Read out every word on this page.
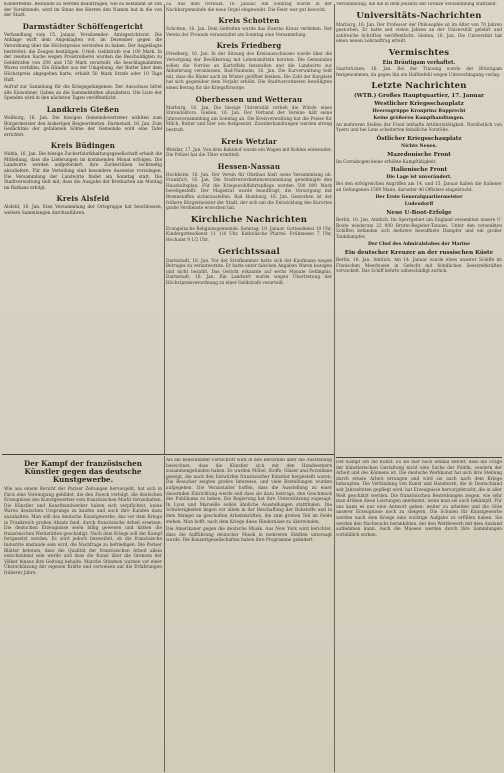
Kinderfestes. Bestande zu werden beauftragen, wie es bestimmt ist von der Vorsitzende, wird im Sinne des Herren den Namen hat in die von der Stadt.

Darmstädter Schöffengericht

Verhandlung vom 15. Januar, Vorsitzender: Amtsgerichtsrat. Die Anklage wirft dem Angeklagten vor, im Dezember gegen die Verordnung über die Höchstpreise verstoßen zu haben. Der Angeklagte bestreitet; die Zeugen bestätigen. Urteil: Geldstrafe von 100 Mark. In der zweiten Sache wegen Preistreiberei wurden die Beschuldigten zu Geldstrafen von 200 und 150 Mark verurteilt; die beschlagnahmten Waren verfallen. Ein Händler aus der Umgebung, der Butter über dem Höchstpreis abgegeben hatte, erhielt 50 Mark Strafe oder 10 Tage Haft.

Aufruf zur Sammlung für die Kriegsgefangenen. Der Ausschuss bittet alle Einwohner, Gaben an die Sammelstellen abzuliefern. Die Liste der Spenden wird in den nächsten Tagen veröffentlicht.

Landkreis Gießen

Weilburg, 16. Jan. Die hiesigen Gemeindevertreter wählten zum Bürgermeister den bisherigen Beigeordneten. Darmstadt, 16. Jan. Zum Gedächtnis der gefallenen Söhne der Gemeinde wird eine Tafel errichtet.

Kreis Büdingen

Nidda, 16. Jan. Die hiesige Zuckerfabrikhaltungsgesellschaft erhielt die Mitteilung, dass die Lieferungen im kommenden Monat erfolgen. Die Landwirte werden aufgefordert, ihre Zuckerrüben rechtzeitig abzuliefern. Für die Verteilung sind besondere Ausweise vorzulegen. Die Versammlung der Landwirte findet am Sonntag statt. Die Stadtverwaltung teilt mit, dass die Ausgabe der Brotkarten am Montag im Rathaus erfolgt.

Kreis Alsfeld

Alsfeld, 16. Jan. Eine Versammlung der Ortsgruppe hat beschlossen, weitere Sammlungen durchzuführen.

ca. Aus dem Ostwald, 16. Januar. Am Sonntag wurde in der Nachbargemeinde die neue Orgel eingeweiht. Die Feier war gut besucht.

Kreis Schotten

Schotten, 16. Jan. Dem Gefreiten wurde das Eiserne Kreuz verliehen. Der Verein der Freunde veranstaltet am Sonntag eine Versammlung.

Kreis Friedberg

Friedberg, 16. Jan. In der Sitzung des Kreisausschusses wurde über die Versorgung der Bevölkerung mit Lebensmitteln beraten. Die Gemeinden sollen die Vorräte an Kartoffeln feststellen und die Landwirte zur Ablieferung veranlassen. Bad-Nauheim, 16. Jan. Die Kurverwaltung teilt mit, dass die Bäder auch im Winter geöffnet bleiben. Die Zahl der Kurgäste hat sich gegenüber dem Vorjahr erhöht. Die Stadtverordneten bewilligten einen Betrag für die Kriegsfürsorge.

Oberhessen und Wetterau

Marburg, 16. Jan. Die hiesige Universität verlieh die Würde eines Ehrendoktors. Gießen, 16. Jan. Der Verband der Vereine hält seine Jahresversammlung am Sonntag ab. Die Kreisverwaltung hat die Preise für Milch, Butter und Eier neu festgesetzt. Zuwiderhandlungen werden streng bestraft.

Kreis Wetzlar

Wetzlar, 17. Jan. Von dem Bahnhof wurde ein Wagen mit Kohlen entwendet. Die Polizei hat die Täter ermittelt.

Hessen-Nassau

Hochheim, 16. Jan. Der Verein für Obstbau hielt seine Versammlung ab. Frankfurt, 16. Jan. Die Stadtverordnetenversammlung genehmigte den Haushaltsplan. Für die Kriegswohlfahrtspflege werden 500 000 Mark bereitgestellt. Der Magistrat wurde beauftragt, die Versorgung mit Brennstoffen sicherzustellen. Bad Homburg, 16. Jan. Gestorben ist der frühere Bürgermeister der Stadt, der sich um die Entwicklung des Kurortes große Verdienste erworben hat.

Kirchliche Nachrichten

Evangelische Religionsgemeinde. Sonntag, 19. Januar: Gottesdienst 10 Uhr, Kindergottesdienst 11 1/4 Uhr. Katholische Pfarrei: Frühmesse 7 Uhr, Hochamt 9 1/2 Uhr.

Gerichtssaal

Darmstadt, 16. Jan. Vor der Strafkammer hatte sich der Kaufmann wegen Betruges zu verantworten. Er hatte unter falschen Angaben Waren bezogen und nicht bezahlt. Das Gericht erkannte auf sechs Monate Gefängnis. Darmstadt, 16. Jan. Ein Landwirt wurde wegen Übertretung der Höchstpreisverordnung zu einer Geldstrafe verurteilt.

Versammlung, die die in dem jenseits der Grenze Versammlung stattfand.

Universitäts-Nachrichten

Marburg, 16. Jan. Der Professor der Philosophie ist im Alter von 70 Jahren gestorben. Er hatte seit vielen Jahren an der Universität gelehrt und zahlreiche Schriften veröffentlicht. Gießen, 16. Jan. Die Universität hat einen neuen Lehrauftrag erteilt.

Vermischtes
Ein Bräutigam verhaftet.

Saarbrücken, 16. Jan. Bei der Trauung wurde der Bräutigam festgenommen, da gegen ihn ein Haftbefehl wegen Unterschlagung vorlag.

Letzte Nachrichten
(WTB.) Großes Hauptquartier, 17. Januar
Westlicher Kriegsschauplatz
Heeresgruppe Kronprinz Rupprecht
Keine größeren Kampfhandlungen.

An mehreren Stellen der Front lebhafte Artillerietätigkeit. Nordöstlich von Ypern und bei Lens scheiterten feindliche Vorstöße.

Östlicher Kriegsschauplatz
Nichts Neues.
Mazedonische Front

Im Cernabogen keine erhöhte Kampftätigkeit.

Italienische Front
Die Lage ist unverändert.

Bei den erfolgreichen Angriffen am 14. und 15. Januar haben die Italiener an Gefangenen 1500 Mann, darunter 40 Offiziere eingebracht.

Der Erste Generalquartiermeister
Ludendorff
Neue U-Boot-Erfolge

Berlin, 16. Jan. Amtlich. Im Sperrgebiet um England versenkten unsere U-Boote wiederum 22 000 Brutto-Register-Tonnen. Unter den versenkten Schiffen befanden sich mehrere bewaffnete Dampfer und ein großer Tankdampfer.

Der Chef des Admiralstabes der Marine
Ein deutscher Kreuzer an der russischen Küste

Berlin, 16. Jan. Amtlich. Am 14. Januar wurde eines unserer Schiffe im Finnischen Meerbusen in Gefecht mit feindlichen Seestreitkräften verwickelt. Das Schiff kehrte unbeschädigt zurück.

Der Kampf der französischen Künstler gegen das deutsche Kunstgewerbe.

Wie aus einem Bericht der Pariser Zeitungen hervorgeht, hat sich in Paris eine Vereinigung gebildet, die den Zweck verfolgt, die deutschen Erzeugnisse des Kunstgewerbes vom französischen Markt fernzuhalten. Die Künstler und Kunsthandwerker haben sich verpflichtet, keine Waren deutschen Ursprungs zu kaufen und auch ihre Kunden dazu anzuhalten. Man will das deutsche Kunstgewerbe, das vor dem Kriege in Frankreich großen Absatz fand, durch französische Arbeit ersetzen. Die deutschen Erzeugnisse seien billig gewesen und hätten die französischen Werkstätten geschädigt. Nach dem Kriege soll der Kampf fortgesetzt werden. Es wird jedoch bezweifelt, ob die französische Industrie imstande sein wird, die Nachfrage zu befriedigen. Die Pariser Blätter betonen, dass die Qualität der französischen Arbeit allein entscheidend sein werde und dass die Kunst über die Grenzen der Völker hinaus ihre Geltung behalte. Manche Stimmen warnen vor einer Überschätzung der eigenen Kräfte und verweisen auf die Erfahrungen früherer Jahre.

Als ein bedeutender Fortschritt wird in den Berichten über die Ausstellung bezeichnet, dass die Künstler sich mit den Handwerkern zusammengefunden haben. Es wurden Möbel, Stoffe, Gläser und Porzellane gezeigt, die nach den Entwürfen französischer Künstler hergestellt waren. Die Besucher zeigten großes Interesse, und viele Bestellungen wurden aufgegeben. Die Veranstalter hoffen, dass die Ausstellung zu einer dauernden Einrichtung werde und dass sie dazu beitrage, den Geschmack des Publikums zu heben. Die Regierung hat ihre Unterstützung zugesagt. In Lyon und Marseille sollen ähnliche Ausstellungen stattfinden. Die Schwierigkeiten liegen vor allem in der Beschaffung der Rohstoffe und in dem Mangel an geschulten Arbeitskräften, die zum großen Teil im Felde stehen. Man hofft, nach dem Kriege diese Hindernisse zu überwinden.

Die Amerikaner gegen die deutsche Musik. Aus New York wird berichtet, dass die Aufführung deutscher Musik in mehreren Städten untersagt wurde. Die Konzertgesellschaften haben ihre Programme geändert.

Der Kampf um die Kunst. Es sei hier noch einmal betont, dass die Frage der künstlerischen Gestaltung nicht eine Sache der Politik, sondern der Arbeit und des Könnens ist. Die deutsche Werkkunst hat sich ihre Stellung durch ernste Arbeit errungen und wird sie auch nach dem Kriege behaupten. Die Verbindung von Kunst und Handwerk, die in Deutschland seit Jahrzehnten gepflegt wird, hat Erzeugnisse hervorgebracht, die in aller Welt geschätzt werden. Die französischen Bestrebungen zeigen, wie sehr man drüben diese Leistungen anerkennt, wenn man sie auch bekämpft. Für uns kann es nur eine Antwort geben: weiter zu arbeiten und die Güte unserer Erzeugnisse noch zu steigern. Die Schulen für Kunstgewerbe werden nach dem Kriege eine wichtige Aufgabe zu erfüllen haben. Sie werden den Nachwuchs heranbilden, der den Wettbewerb mit dem Ausland aufnehmen kann. Auch die Museen werden durch ihre Sammlungen vorbildlich wirken.
